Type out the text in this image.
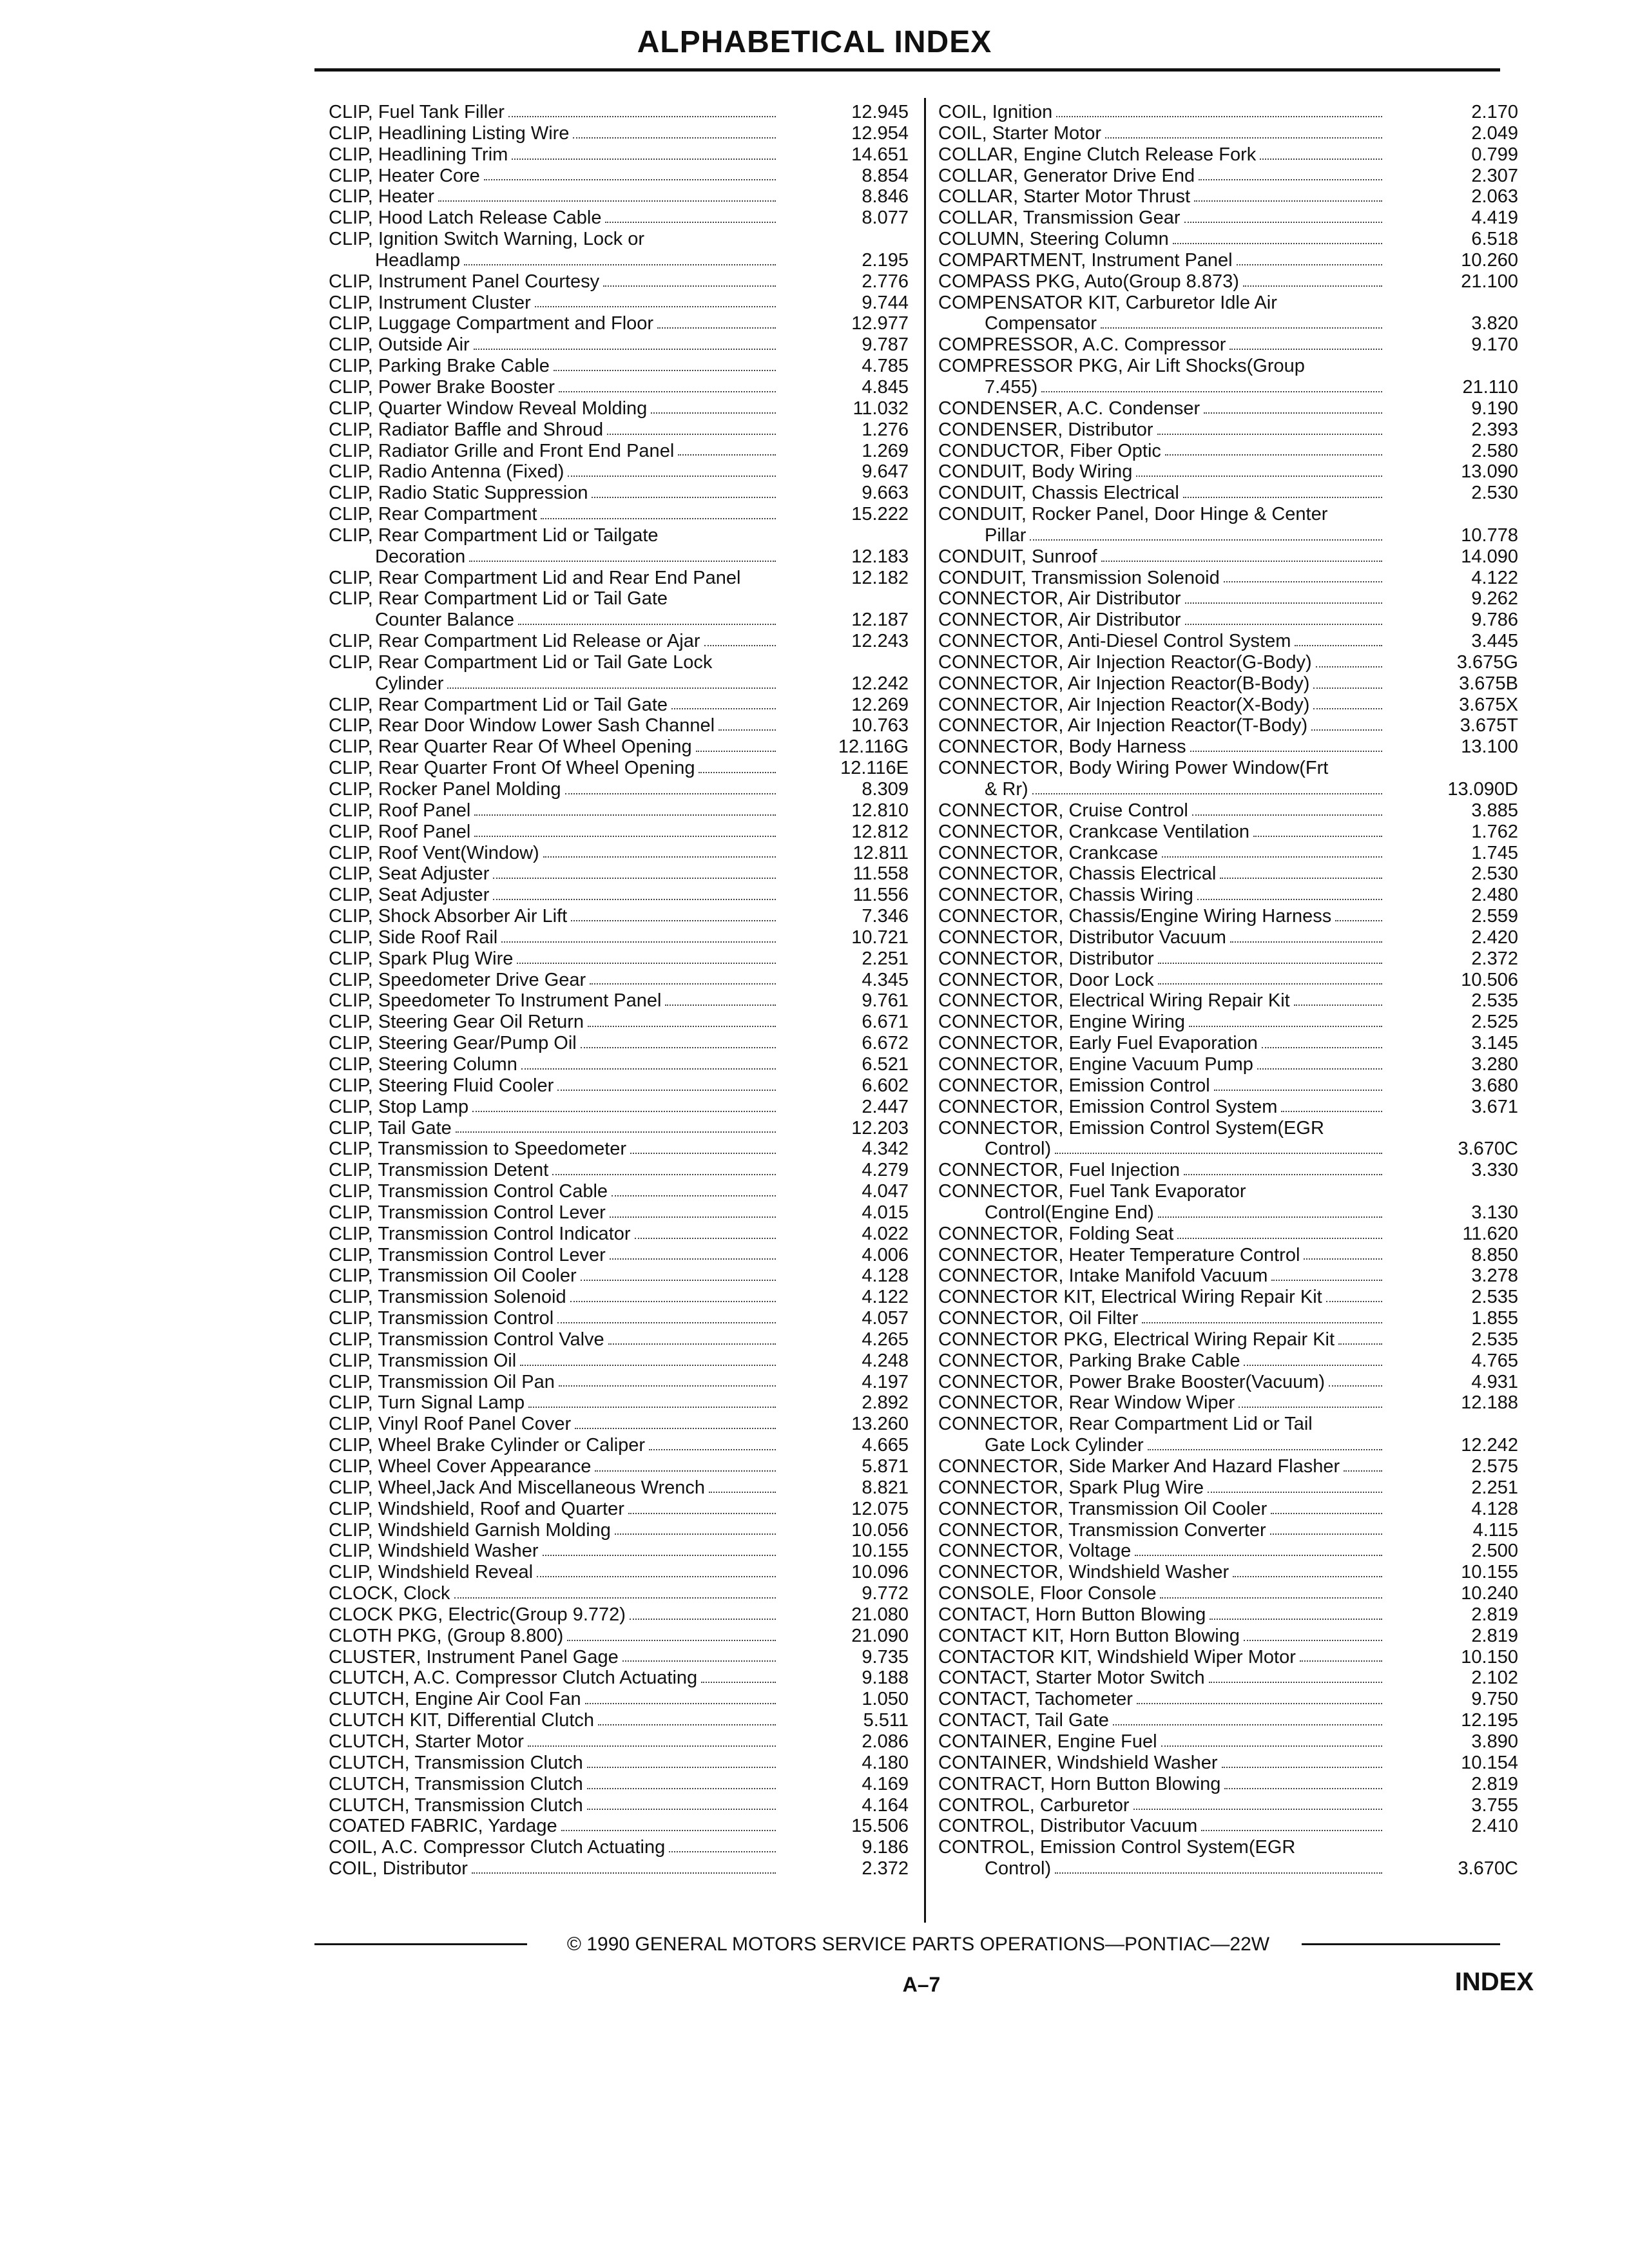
ALPHABETICAL INDEX
CLIP, Fuel Tank Filler	12.945
CLIP, Headlining Listing Wire	12.954
CLIP, Headlining Trim	14.651
CLIP, Heater Core	8.854
CLIP, Heater	8.846
CLIP, Hood Latch Release Cable	8.077
CLIP, Ignition Switch Warning, Lock or
Headlamp	2.195
CLIP, Instrument Panel Courtesy	2.776
CLIP, Instrument Cluster	9.744
CLIP, Luggage Compartment and Floor	12.977
CLIP, Outside Air	9.787
CLIP, Parking Brake Cable	4.785
CLIP, Power Brake Booster	4.845
CLIP, Quarter Window Reveal Molding	11.032
CLIP, Radiator Baffle and Shroud	1.276
CLIP, Radiator Grille and Front End Panel	1.269
CLIP, Radio Antenna (Fixed)	9.647
CLIP, Radio Static Suppression	9.663
CLIP, Rear Compartment	15.222
CLIP, Rear Compartment Lid or Tailgate
Decoration	12.183
CLIP, Rear Compartment Lid and Rear End Panel	12.182
CLIP, Rear Compartment Lid or Tail Gate
Counter Balance	12.187
CLIP, Rear Compartment Lid Release or Ajar	12.243
CLIP, Rear Compartment Lid or Tail Gate Lock
Cylinder	12.242
CLIP, Rear Compartment Lid or Tail Gate	12.269
CLIP, Rear Door Window Lower Sash Channel	10.763
CLIP, Rear Quarter Rear Of Wheel Opening	12.116G
CLIP, Rear Quarter Front Of Wheel Opening	12.116E
CLIP, Rocker Panel Molding	8.309
CLIP, Roof Panel	12.810
CLIP, Roof Panel	12.812
CLIP, Roof Vent(Window)	12.811
CLIP, Seat Adjuster	11.558
CLIP, Seat Adjuster	11.556
CLIP, Shock Absorber Air Lift	7.346
CLIP, Side Roof Rail	10.721
CLIP, Spark Plug Wire	2.251
CLIP, Speedometer Drive Gear	4.345
CLIP, Speedometer To Instrument Panel	9.761
CLIP, Steering Gear Oil Return	6.671
CLIP, Steering Gear/Pump Oil	6.672
CLIP, Steering Column	6.521
CLIP, Steering Fluid Cooler	6.602
CLIP, Stop Lamp	2.447
CLIP, Tail Gate	12.203
CLIP, Transmission to Speedometer	4.342
CLIP, Transmission Detent	4.279
CLIP, Transmission Control Cable	4.047
CLIP, Transmission Control Lever	4.015
CLIP, Transmission Control Indicator	4.022
CLIP, Transmission Control Lever	4.006
CLIP, Transmission Oil Cooler	4.128
CLIP, Transmission Solenoid	4.122
CLIP, Transmission Control	4.057
CLIP, Transmission Control Valve	4.265
CLIP, Transmission Oil	4.248
CLIP, Transmission Oil Pan	4.197
CLIP, Turn Signal Lamp	2.892
CLIP, Vinyl Roof Panel Cover	13.260
CLIP, Wheel Brake Cylinder or Caliper	4.665
CLIP, Wheel Cover Appearance	5.871
CLIP, Wheel,Jack And Miscellaneous Wrench	8.821
CLIP, Windshield, Roof and Quarter	12.075
CLIP, Windshield Garnish Molding	10.056
CLIP, Windshield Washer	10.155
CLIP, Windshield Reveal	10.096
CLOCK, Clock	9.772
CLOCK PKG, Electric(Group 9.772)	21.080
CLOTH PKG, (Group 8.800)	21.090
CLUSTER, Instrument Panel Gage	9.735
CLUTCH, A.C. Compressor Clutch Actuating	9.188
CLUTCH, Engine Air Cool Fan	1.050
CLUTCH KIT, Differential Clutch	5.511
CLUTCH, Starter Motor	2.086
CLUTCH, Transmission Clutch	4.180
CLUTCH, Transmission Clutch	4.169
CLUTCH, Transmission Clutch	4.164
COATED FABRIC, Yardage	15.506
COIL, A.C. Compressor Clutch Actuating	9.186
COIL, Distributor	2.372
COIL, Ignition	2.170
COIL, Starter Motor	2.049
COLLAR, Engine Clutch Release Fork	0.799
COLLAR, Generator Drive End	2.307
COLLAR, Starter Motor Thrust	2.063
COLLAR, Transmission Gear	4.419
COLUMN, Steering Column	6.518
COMPARTMENT, Instrument Panel	10.260
COMPASS PKG, Auto(Group 8.873)	21.100
COMPENSATOR KIT, Carburetor Idle Air
Compensator	3.820
COMPRESSOR, A.C. Compressor	9.170
COMPRESSOR PKG, Air Lift Shocks(Group
7.455)	21.110
CONDENSER, A.C. Condenser	9.190
CONDENSER, Distributor	2.393
CONDUCTOR, Fiber Optic	2.580
CONDUIT, Body Wiring	13.090
CONDUIT, Chassis Electrical	2.530
CONDUIT, Rocker Panel, Door Hinge & Center
Pillar	10.778
CONDUIT, Sunroof	14.090
CONDUIT, Transmission Solenoid	4.122
CONNECTOR, Air Distributor	9.262
CONNECTOR, Air Distributor	9.786
CONNECTOR, Anti-Diesel Control System	3.445
CONNECTOR, Air Injection Reactor(G-Body)	3.675G
CONNECTOR, Air Injection Reactor(B-Body)	3.675B
CONNECTOR, Air Injection Reactor(X-Body)	3.675X
CONNECTOR, Air Injection Reactor(T-Body)	3.675T
CONNECTOR, Body Harness	13.100
CONNECTOR, Body Wiring Power Window(Frt
& Rr)	13.090D
CONNECTOR, Cruise Control	3.885
CONNECTOR, Crankcase Ventilation	1.762
CONNECTOR, Crankcase	1.745
CONNECTOR, Chassis Electrical	2.530
CONNECTOR, Chassis Wiring	2.480
CONNECTOR, Chassis/Engine Wiring Harness	2.559
CONNECTOR, Distributor Vacuum	2.420
CONNECTOR, Distributor	2.372
CONNECTOR, Door Lock	10.506
CONNECTOR, Electrical Wiring Repair Kit	2.535
CONNECTOR, Engine Wiring	2.525
CONNECTOR, Early Fuel Evaporation	3.145
CONNECTOR, Engine Vacuum Pump	3.280
CONNECTOR, Emission Control	3.680
CONNECTOR, Emission Control System	3.671
CONNECTOR, Emission Control System(EGR
Control)	3.670C
CONNECTOR, Fuel Injection	3.330
CONNECTOR, Fuel Tank Evaporator
Control(Engine End)	3.130
CONNECTOR, Folding Seat	11.620
CONNECTOR, Heater Temperature Control	8.850
CONNECTOR, Intake Manifold Vacuum	3.278
CONNECTOR KIT, Electrical Wiring Repair Kit	2.535
CONNECTOR, Oil Filter	1.855
CONNECTOR PKG, Electrical Wiring Repair Kit	2.535
CONNECTOR, Parking Brake Cable	4.765
CONNECTOR, Power Brake Booster(Vacuum)	4.931
CONNECTOR, Rear Window Wiper	12.188
CONNECTOR, Rear Compartment Lid or Tail
Gate Lock Cylinder	12.242
CONNECTOR, Side Marker And Hazard Flasher	2.575
CONNECTOR, Spark Plug Wire	2.251
CONNECTOR, Transmission Oil Cooler	4.128
CONNECTOR, Transmission Converter	4.115
CONNECTOR, Voltage	2.500
CONNECTOR, Windshield Washer	10.155
CONSOLE, Floor Console	10.240
CONTACT, Horn Button Blowing	2.819
CONTACT KIT, Horn Button Blowing	2.819
CONTACTOR KIT, Windshield Wiper Motor	10.150
CONTACT, Starter Motor Switch	2.102
CONTACT, Tachometer	9.750
CONTACT, Tail Gate	12.195
CONTAINER, Engine Fuel	3.890
CONTAINER, Windshield Washer	10.154
CONTRACT, Horn Button Blowing	2.819
CONTROL, Carburetor	3.755
CONTROL, Distributor Vacuum	2.410
CONTROL, Emission Control System(EGR
Control)	3.670C
© 1990 GENERAL MOTORS SERVICE PARTS OPERATIONS—PONTIAC—22W
A–7	INDEX
